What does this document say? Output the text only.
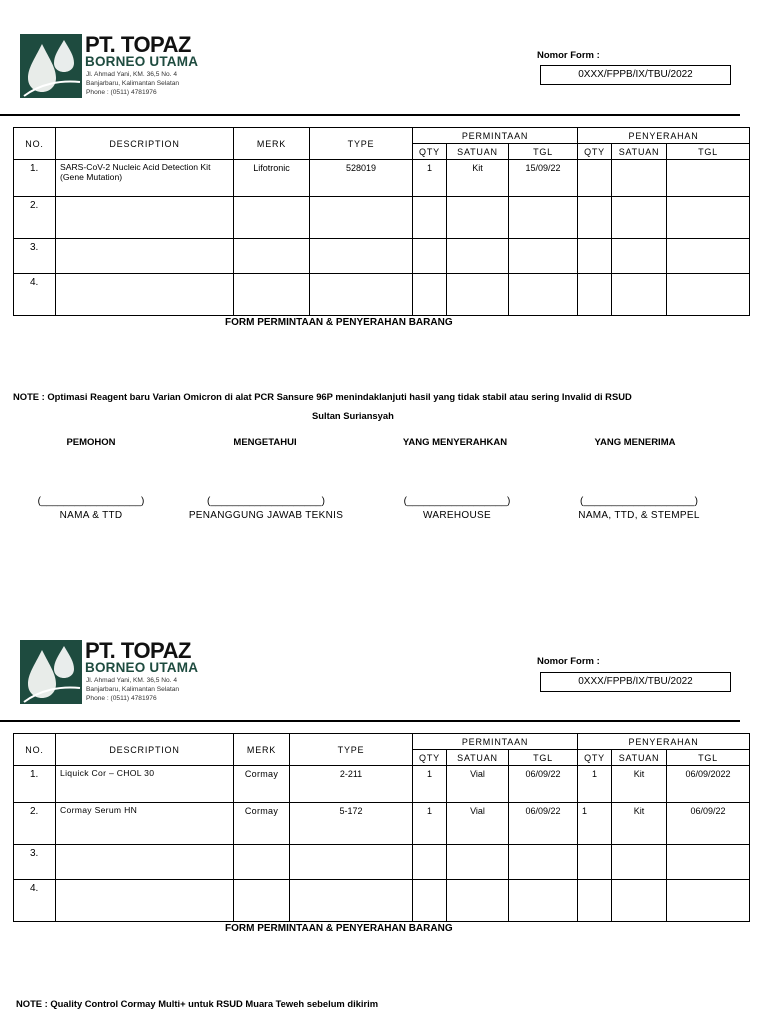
PT. TOPAZ
BORNEO UTAMA
Jl. Ahmad Yani, KM. 36,5 No. 4
Banjarbaru, Kalimantan Selatan
Phone : (0511) 4781976
Nomor Form :
0XXX/FPPB/IX/TBU/2022
NO.	DESCRIPTION	MERK	TYPE	PERMINTAAN			PENYERAHAN		
				QTY	SATUAN	TGL	QTY	SATUAN	TGL
1.	SARS-CoV-2 Nucleic Acid Detection Kit (Gene Mutation)	Lifotronic	528019	1	Kit	15/09/22			
2.									
3.									
4.									
FORM PERMINTAAN & PENYERAHAN BARANG
NOTE : Optimasi Reagent baru Varian Omicron di alat PCR Sansure 96P menindaklanjuti hasil yang tidak stabil atau sering Invalid di RSUD
Sultan Suriansyah
PEMOHON	MENGETAHUI	YANG MENYERAHKAN	YANG MENERIMA
(__________________)	(____________________)	(__________________)	(____________________)
NAMA & TTD	PENANGGUNG JAWAB TEKNIS	WAREHOUSE	NAMA, TTD, & STEMPEL
PT. TOPAZ
BORNEO UTAMA
Jl. Ahmad Yani, KM. 36,5 No. 4
Banjarbaru, Kalimantan Selatan
Phone : (0511) 4781976
Nomor Form :
0XXX/FPPB/IX/TBU/2022
NO.	DESCRIPTION	MERK	TYPE	PERMINTAAN			PENYERAHAN		
				QTY	SATUAN	TGL	QTY	SATUAN	TGL
1.	Liquick Cor – CHOL 30	Cormay	2-211	1	Vial	06/09/22	1	Kit	06/09/2022
2.	Cormay Serum HN	Cormay	5-172	1	Vial	06/09/22	1	Kit	06/09/22
3.									
4.									
FORM PERMINTAAN & PENYERAHAN BARANG
NOTE : Quality Control Cormay Multi+ untuk RSUD Muara Teweh sebelum dikirim
